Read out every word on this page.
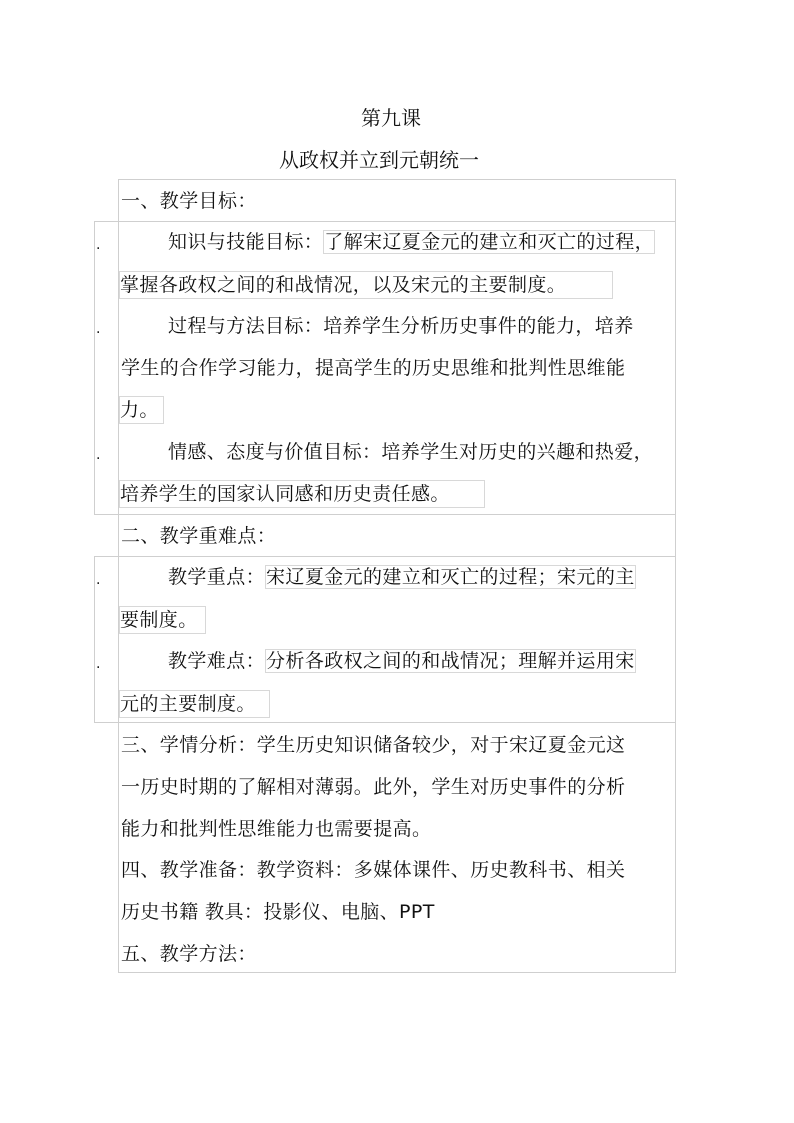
第九课
从政权并立到元朝统一
一、教学目标：
.	知识与技能目标：了解宋辽夏金元的建立和灭亡的过程，
掌握各政权之间的和战情况，以及宋元的主要制度。
.	过程与方法目标：培养学生分析历史事件的能力，培养
学生的合作学习能力，提高学生的历史思维和批判性思维能
力。
.	情感、态度与价值目标：培养学生对历史的兴趣和热爱，
培养学生的国家认同感和历史责任感。
二、教学重难点：
.	教学重点：宋辽夏金元的建立和灭亡的过程；宋元的主
要制度。
.	教学难点：分析各政权之间的和战情况；理解并运用宋
元的主要制度。
三、学情分析：学生历史知识储备较少，对于宋辽夏金元这
一历史时期的了解相对薄弱。此外，学生对历史事件的分析
能力和批判性思维能力也需要提高。
四、教学准备：教学资料：多媒体课件、历史教科书、相关
历史书籍 教具：投影仪、电脑、PPT
五、教学方法：
